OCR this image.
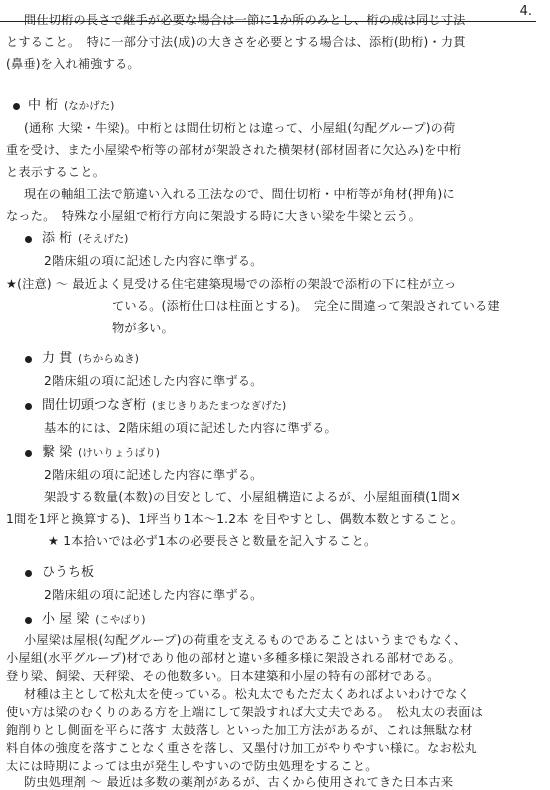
4.
間仕切桁の長さで継手が必要な場合は一節に1か所のみとし、桁の成は同じ寸法
とすること。　特に一部分寸法(成)の大きさを必要とする場合は、添桁(助桁)・力貫
(鼻垂)を入れ補強する。
中 桁 (なかげた)
(通称 大梁・牛梁)。中桁とは間仕切桁とは違って、小屋組(勾配グループ)の荷
重を受け、また小屋梁や桁等の部材が架設された横架材(部材固者に欠込み)を中桁
と表示すること。
現在の軸組工法で筋違い入れる工法なので、間仕切桁・中桁等が角材(押角)に
なった。　特殊な小屋組で桁行方向に架設する時に大きい梁を牛梁と云う。
添 桁 (そえげた)
2階床組の項に記述した内容に準ずる。
★(注意) ～ 最近よく見受ける住宅建築現場での添桁の架設で添桁の下に柱が立っ
ている。(添桁仕口は柱面とする)。　完全に間違って架設されている建
物が多い。
力 貫 (ちからぬき)
2階床組の項に記述した内容に準ずる。
間仕切頭つなぎ桁 (まじきりあたまつなぎげた)
基本的には、2階床組の項に記述した内容に準ずる。
繋 梁 (けいりょうばり)
2階床組の項に記述した内容に準ずる。
架設する数量(本数)の目安として、小屋組構造によるが、小屋組面積(1間×
1間を1坪と換算する)、1坪当り1本～1.2本 を目やすとし、偶数本数とすること。
★ 1本拾いでは必ず1本の必要長さと数量を記入すること。
ひうち板
2階床組の項に記述した内容に準ずる。
小 屋 梁 (こやばり)
小屋梁は屋根(勾配グループ)の荷重を支えるものであることはいうまでもなく、
小屋組(水平グループ)材であり他の部材と違い多種多様に架設される部材である。
登り梁、飼梁、天秤梁、その他数多い。日本建築和小屋の特有の部材である。
材種は主として松丸太を使っている。松丸太でもただ太くあればよいわけでなく
使い方は梁のむくりのある方を上端にして架設すれば大丈夫である。　松丸太の表面は
鉋削りとし側面を平らに落す 太鼓落し といった加工方法があるが、これは無駄な材
料自体の強度を落すことなく重さを落し、又墨付け加工がやりやすい様に。なお松丸
太には時期によっては虫が発生しやすいので防虫処理をすること。
防虫処理剤 ～ 最近は多数の薬剤があるが、古くから使用されてきた日本古来
